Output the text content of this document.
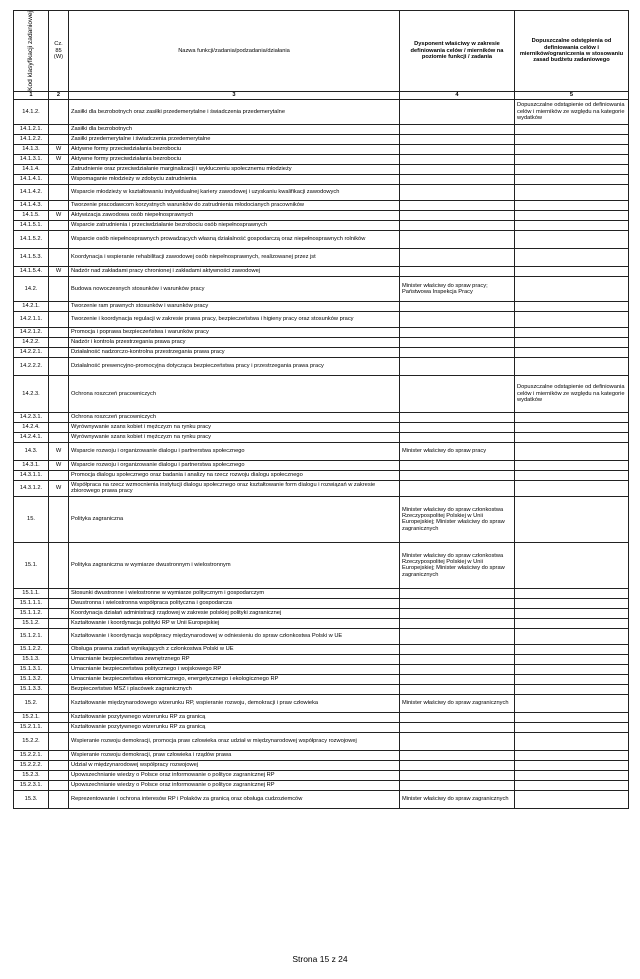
Kod klasyfikacji zadaniowej	Cz. 85 (W)	Nazwa funkcji/zadania/podzadania/działania	Dysponent właściwy w zakresie definiowania celów / mierników na poziomie funkcji / zadania	Dopuszczalne odstępienia od definiowania celów i mierników/ograniczenia w stosowaniu zasad budżetu zadaniowego
1	2	3	4	5
14.1.2.		Zasiłki dla bezrobotnych oraz zasiłki przedemerytalne i świadczenia przedemerytalne		Dopuszczalne odstąpienie od definiowania celów i mierników ze względu na kategorie wydatków
14.1.2.1.		Zasiłki dla bezrobotnych		
14.1.2.2.		Zasiłki przedemerytalne i świadczenia przedemerytalne		
14.1.3.	W	Aktywne formy przeciwdziałania bezrobociu		
14.1.3.1.	W	Aktywne formy przeciwdziałania bezrobociu		
14.1.4.		Zatrudnienie oraz przeciwdziałanie marginalizacji i wykluczeniu społecznemu młodzieży		
14.1.4.1.		Wspomaganie młodzieży w zdobyciu zatrudnienia		
14.1.4.2.		Wsparcie młodzieży w kształtowaniu indywidualnej kariery zawodowej i uzyskaniu kwalifikacji zawodowych		
14.1.4.3.		Tworzenie pracodawcom korzystnych warunków do zatrudnienia młodocianych pracowników		
14.1.5.	W	Aktywizacja zawodowa osób niepełnosprawnych		
14.1.5.1.		Wsparcie zatrudnienia i przeciwdziałanie bezrobociu osób niepełnosprawnych		
14.1.5.2.		Wsparcie osób niepełnosprawnych prowadzących własną działalność gospodarczą oraz niepełnosprawnych rolników		
14.1.5.3.		Koordynacja i wspieranie rehabilitacji zawodowej osób niepełnosprawnych, realizowanej przez jst		
14.1.5.4.	W	Nadzór nad zakładami pracy chronionej i zakładami aktywności zawodowej		
14.2.		Budowa nowoczesnych stosunków i warunków pracy	Minister właściwy do spraw pracy; Państwowa Inspekcja Pracy	
14.2.1.		Tworzenie ram prawnych stosunków i warunków pracy		
14.2.1.1.		Tworzenie i koordynacja regulacji w zakresie prawa pracy, bezpieczeństwa i higieny pracy oraz stosunków pracy		
14.2.1.2.		Promocja i poprawa bezpieczeństwa i warunków pracy		
14.2.2.		Nadzór i kontrola przestrzegania prawa pracy		
14.2.2.1.		Działalność nadzorczo-kontrolna przestrzegania prawa pracy		
14.2.2.2.		Działalność prewencyjno-promocyjna dotycząca bezpieczeństwa pracy i przestrzegania prawa pracy		
14.2.3.		Ochrona roszczeń pracowniczych		Dopuszczalne odstąpienie od definiowania celów i mierników ze względu na kategorie wydatków
14.2.3.1.		Ochrona roszczeń pracowniczych		
14.2.4.		Wyrównywanie szans kobiet i mężczyzn na rynku pracy		
14.2.4.1.		Wyrównywanie szans kobiet i mężczyzn na rynku pracy		
14.3.	W	Wsparcie rozwoju i organizowanie dialogu i partnerstwa społecznego	Minister właściwy do spraw pracy	
14.3.1.	W	Wsparcie rozwoju i organizowanie dialogu i partnerstwa społecznego		
14.3.1.1.		Promocja dialogu społecznego oraz badania i analizy na rzecz rozwoju dialogu społecznego		
14.3.1.2.	W	Współpraca na rzecz wzmocnienia instytucji dialogu społecznego oraz kształtowanie form dialogu i rozwiązań w zakresie zbiorowego prawa pracy		
15.		Polityka zagraniczna	Minister właściwy do spraw członkostwa Rzeczypospolitej Polskiej w Unii Europejskiej; Minister właściwy do spraw zagranicznych	
15.1.		Polityka zagraniczna w wymiarze dwustronnym i wielostronnym	Minister właściwy do spraw członkostwa Rzeczypospolitej Polskiej w Unii Europejskiej; Minister właściwy do spraw zagranicznych	
15.1.1.		Stosunki dwustronne i wielostronne w wymiarze politycznym i gospodarczym		
15.1.1.1.		Dwustronna i wielostronna współpraca polityczna i gospodarcza		
15.1.1.2.		Koordynacja działań administracji rządowej w zakresie polskiej polityki zagranicznej		
15.1.2.		Kształtowanie i koordynacja polityki RP w Unii Europejskiej		
15.1.2.1.		Kształtowanie i koordynacja współpracy międzynarodowej w odniesieniu do spraw członkostwa Polski w UE		
15.1.2.2.		Obsługa prawna zadań wynikających z członkostwa Polski w UE		
15.1.3.		Umacnianie bezpieczeństwa zewnętrznego RP		
15.1.3.1.		Umacnianie bezpieczeństwa politycznego i wojskowego RP		
15.1.3.2.		Umacnianie bezpieczeństwa ekonomicznego, energetycznego i ekologicznego RP		
15.1.3.3.		Bezpieczeństwo MSZ i placówek zagranicznych		
15.2.		Kształtowanie międzynarodowego wizerunku RP, wspieranie rozwoju, demokracji i praw człowieka	Minister właściwy do spraw zagranicznych	
15.2.1.		Kształtowanie pozytywnego wizerunku RP za granicą		
15.2.1.1.		Kształtowanie pozytywnego wizerunku RP za granicą		
15.2.2.		Wspieranie rozwoju demokracji, promocja praw człowieka oraz udział w międzynarodowej współpracy rozwojowej		
15.2.2.1.		Wspieranie rozwoju demokracji, praw człowieka i rządów prawa		
15.2.2.2.		Udział w międzynarodowej współpracy rozwojowej		
15.2.3.		Upowszechnianie wiedzy o Polsce oraz informowanie o polityce zagranicznej RP		
15.2.3.1.		Upowszechnianie wiedzy o Polsce oraz informowanie o polityce zagranicznej RP		
15.3.		Reprezentowanie i ochrona interesów RP i Polaków za granicą oraz obsługa cudzoziemców	Minister właściwy do spraw zagranicznych	
Strona 15 z 24
